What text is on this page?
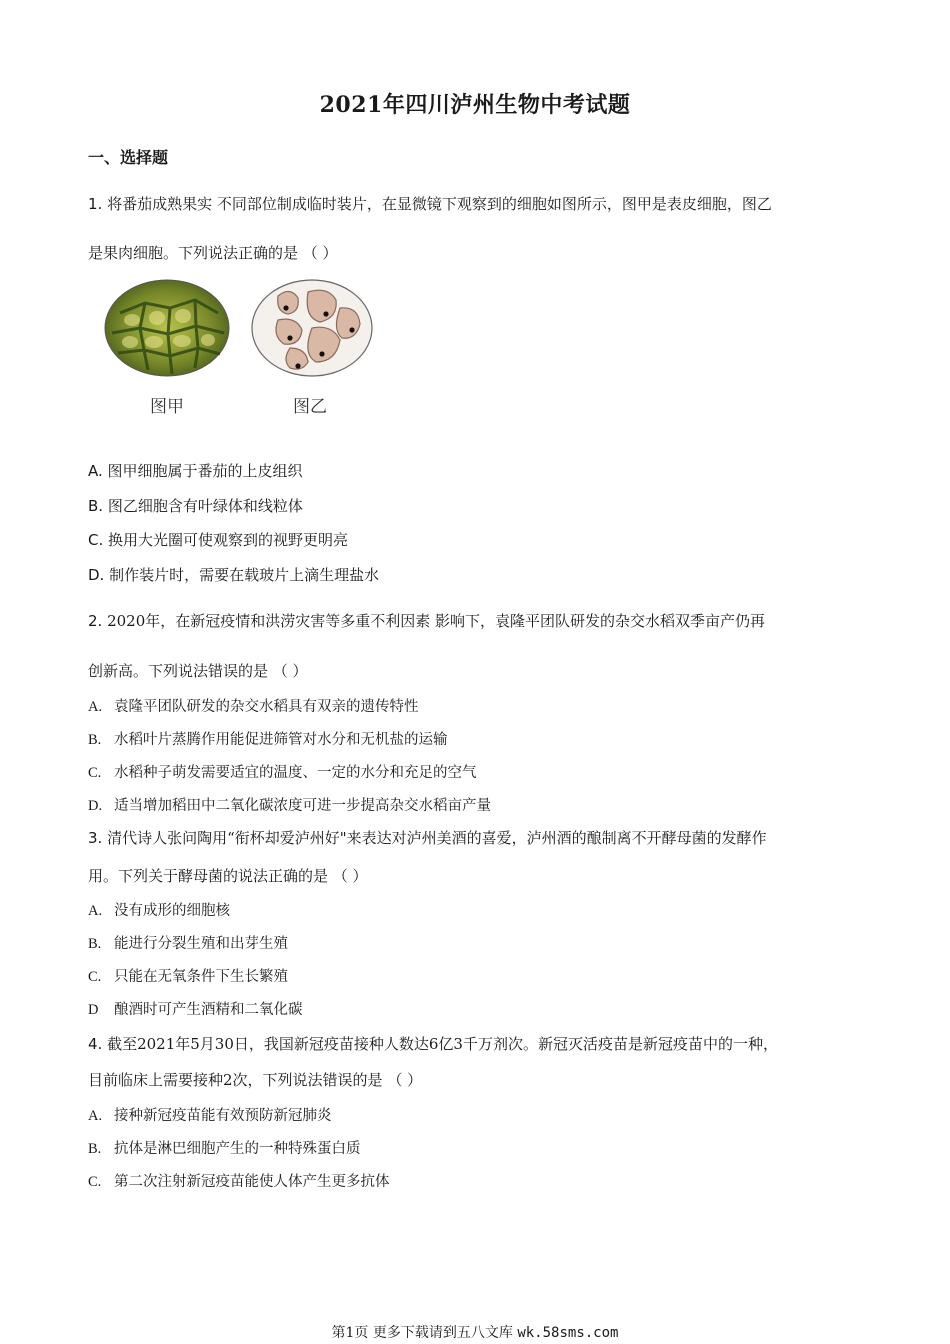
2021年四川泸州生物中考试题
一、选择题
1. 将番茄成熟果实 不同部位制成临时装片，在显微镜下观察到的细胞如图所示，图甲是表皮细胞，图乙
是果肉细胞。下列说法正确的是 （ ）
图甲	图乙
A. 图甲细胞属于番茄的上皮组织
B. 图乙细胞含有叶绿体和线粒体
C. 换用大光圈可使观察到的视野更明亮
D. 制作装片时，需要在载玻片上滴生理盐水
2. 2020年，在新冠疫情和洪涝灾害等多重不利因素 影响下，袁隆平团队研发的杂交水稻双季亩产仍再
创新高。下列说法错误的是 （ ）
A. 袁隆平团队研发的杂交水稻具有双亲的遗传特性
B. 水稻叶片蒸腾作用能促进筛管对水分和无机盐的运输
C. 水稻种子萌发需要适宜的温度、一定的水分和充足的空气
D. 适当增加稻田中二氧化碳浓度可进一步提高杂交水稻亩产量
3. 清代诗人张问陶用“衔杯却爱泸州好"来表达对泸州美酒的喜爱，泸州酒的酿制离不开酵母菌的发酵作
用。下列关于酵母菌的说法正确的是 （ ）
A. 没有成形的细胞核
B. 能进行分裂生殖和出芽生殖
C. 只能在无氧条件下生长繁殖
D 酿酒时可产生酒精和二氧化碳
4. 截至2021年5月30日，我国新冠疫苗接种人数达6亿3千万剂次。新冠灭活疫苗是新冠疫苗中的一种，
目前临床上需要接种2次，下列说法错误的是 （ ）
A. 接种新冠疫苗能有效预防新冠肺炎
B. 抗体是淋巴细胞产生的一种特殊蛋白质
C. 第二次注射新冠疫苗能使人体产生更多抗体
第1页 更多下载请到五八文库 wk.58sms.com
